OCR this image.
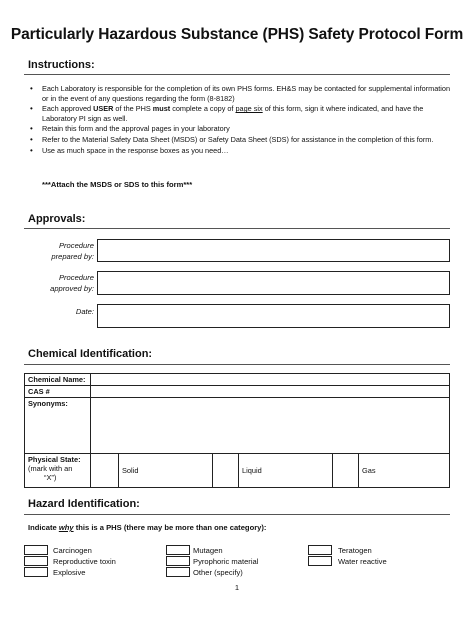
Particularly Hazardous Substance (PHS) Safety Protocol Form
Instructions:
• Each Laboratory is responsible for the completion of its own PHS forms. EH&S may be contacted for supplemental information or in the event of any questions regarding the form (8-8182)
• Each approved USER of the PHS must complete a copy of page six of this form, sign it where indicated, and have the Laboratory PI sign as well.
• Retain this form and the approval pages in your laboratory
• Refer to the Material Safety Data Sheet (MSDS) or Safety Data Sheet (SDS) for assistance in the completion of this form.
• Use as much space in the response boxes as you need…
***Attach the MSDS or SDS to this form***
Approvals:
Procedure
prepared by:
Procedure
approved by:
Date:
Chemical Identification:
Chemical Name:						
CAS #						
Synonyms:						

Physical State:
(mark with an
“X”)		Solid		Liquid		Gas
Hazard Identification:
Indicate why this is a PHS (there may be more than one category):
Carcinogen
Reproductive toxin
Explosive
Mutagen
Pyrophoric material
Other (specify)
Teratogen
Water reactive
1
